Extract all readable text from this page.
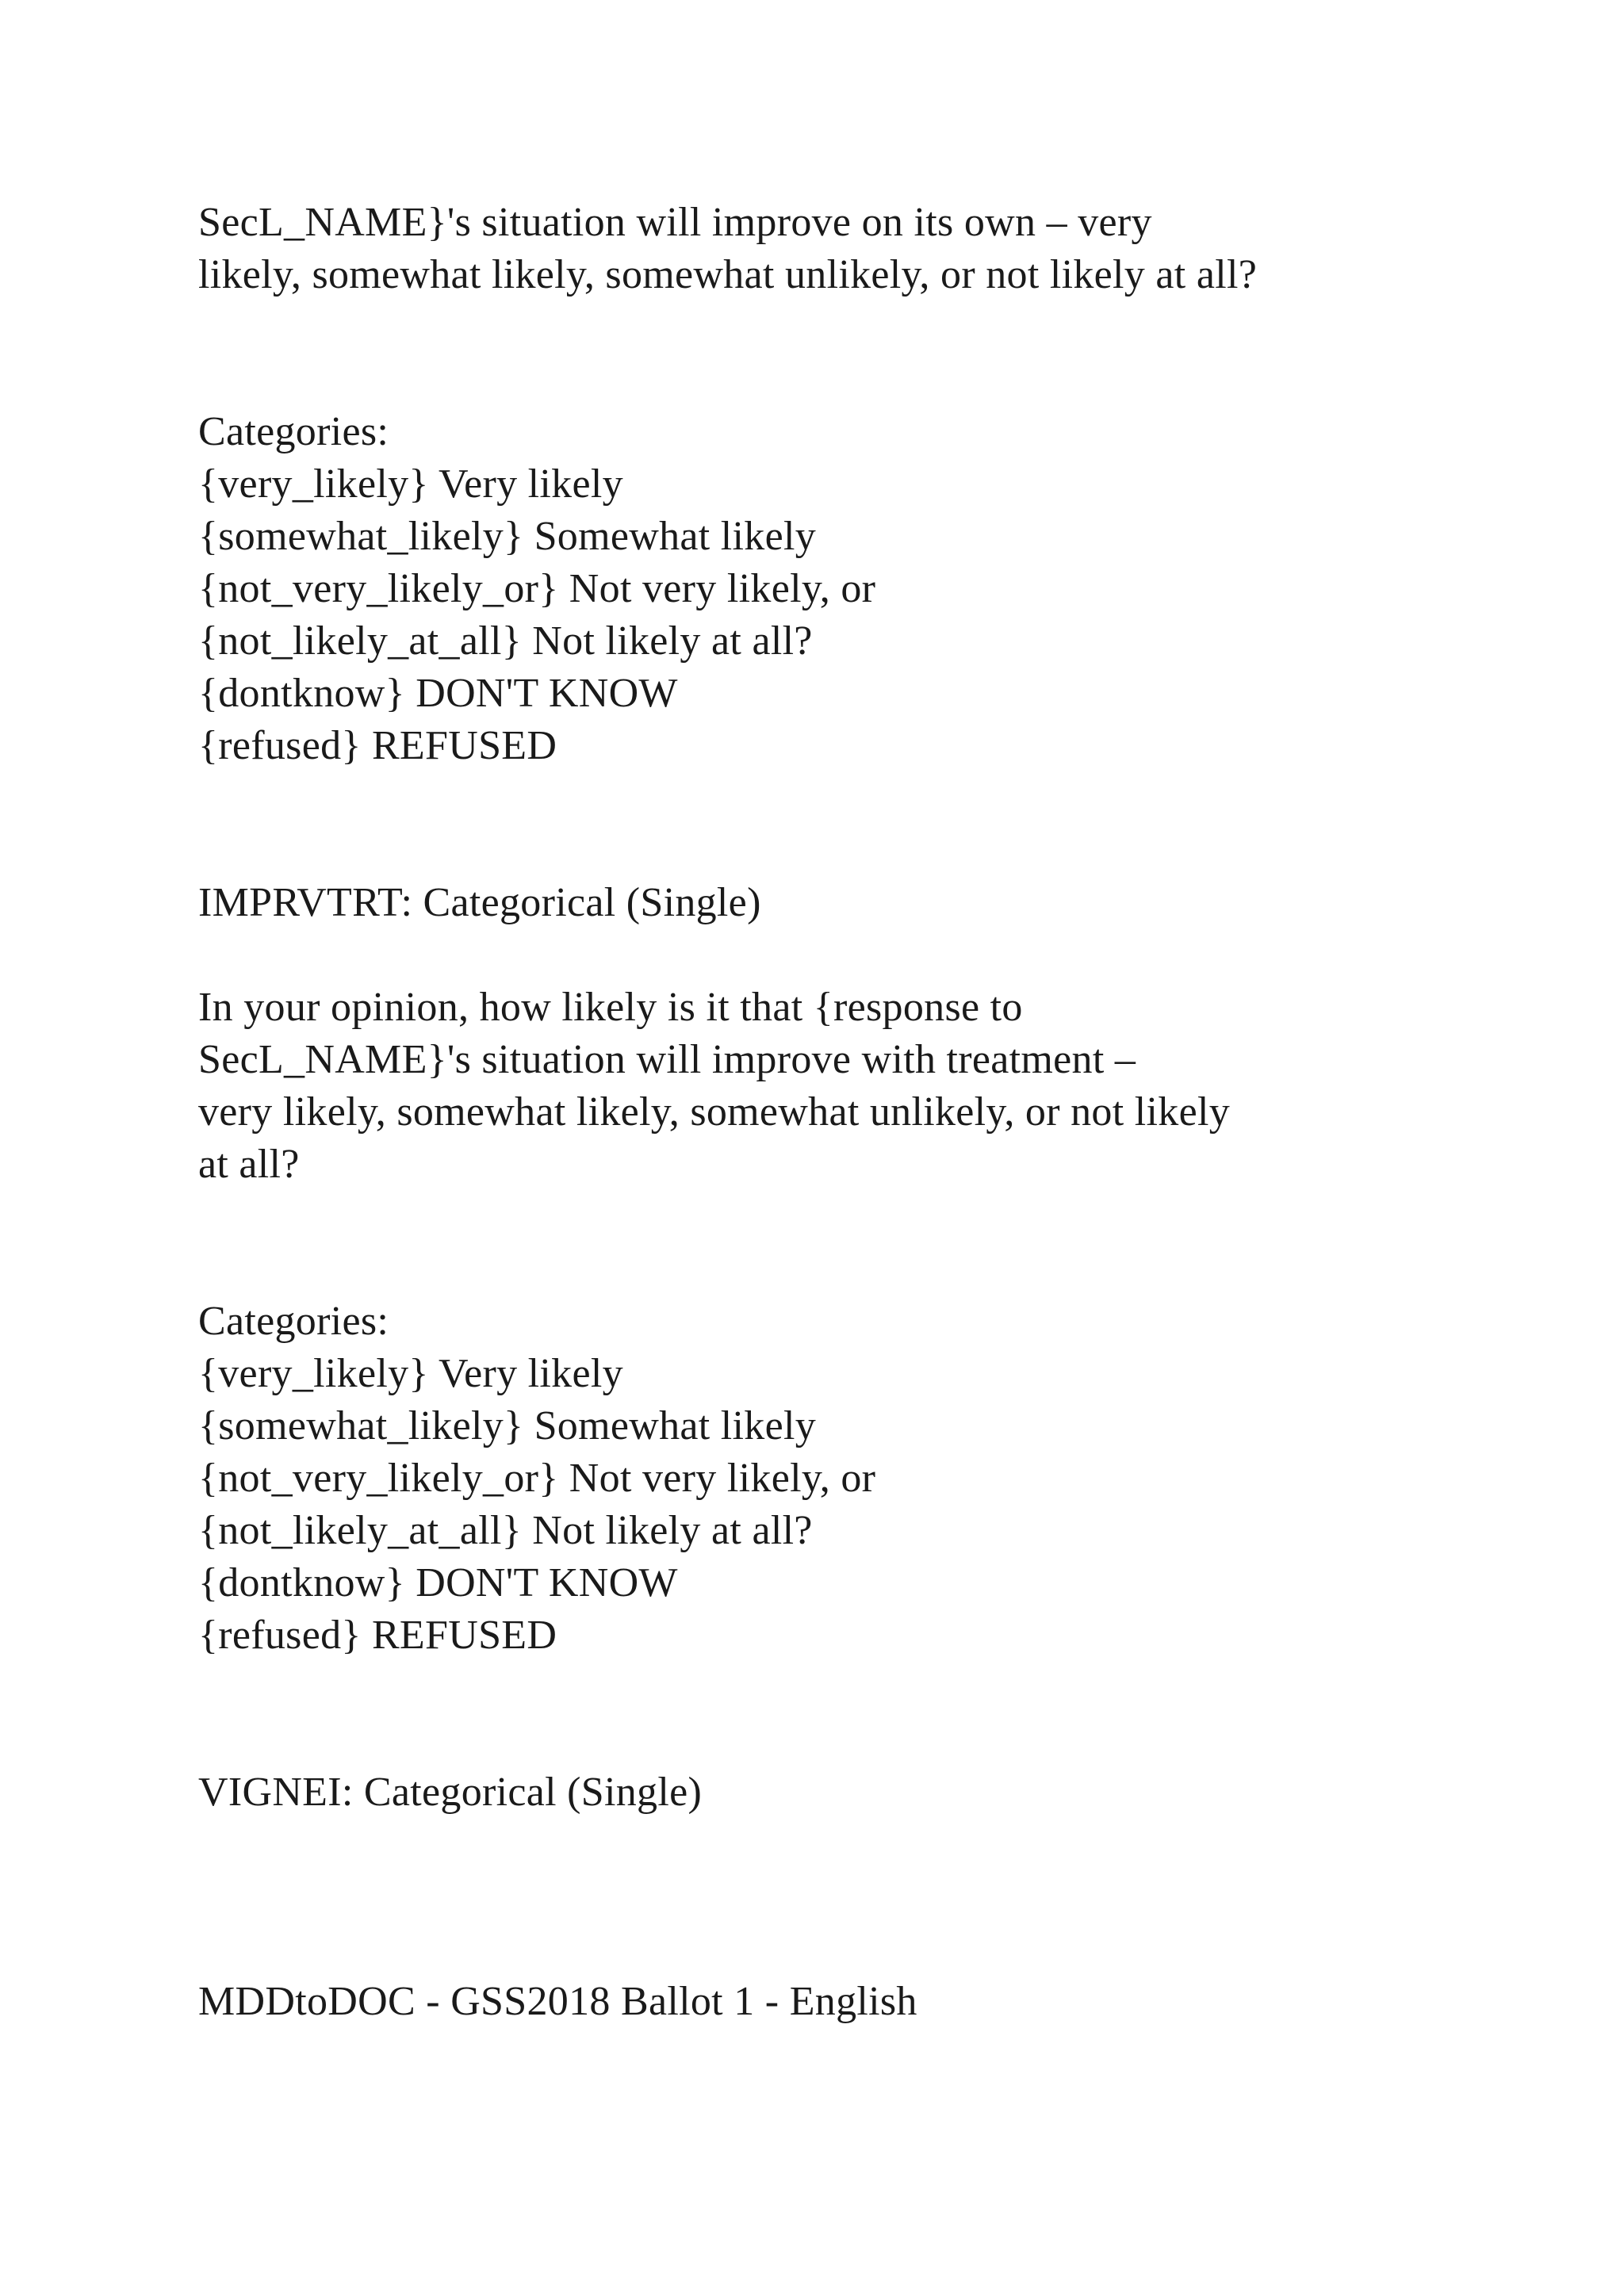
SecL_NAME}'s situation will improve on its own – very
likely, somewhat likely, somewhat unlikely, or not likely at all?
Categories:
{very_likely} Very likely
{somewhat_likely} Somewhat likely
{not_very_likely_or} Not very likely, or
{not_likely_at_all} Not likely at all?
{dontknow} DON'T KNOW
{refused} REFUSED
IMPRVTRT: Categorical (Single)
In your opinion, how likely is it that {response to
SecL_NAME}'s situation will improve with treatment –
very likely, somewhat likely, somewhat unlikely, or not likely
at all?
Categories:
{very_likely} Very likely
{somewhat_likely} Somewhat likely
{not_very_likely_or} Not very likely, or
{not_likely_at_all} Not likely at all?
{dontknow} DON'T KNOW
{refused} REFUSED
VIGNEI: Categorical (Single)
MDDtoDOC - GSS2018 Ballot 1 - English
